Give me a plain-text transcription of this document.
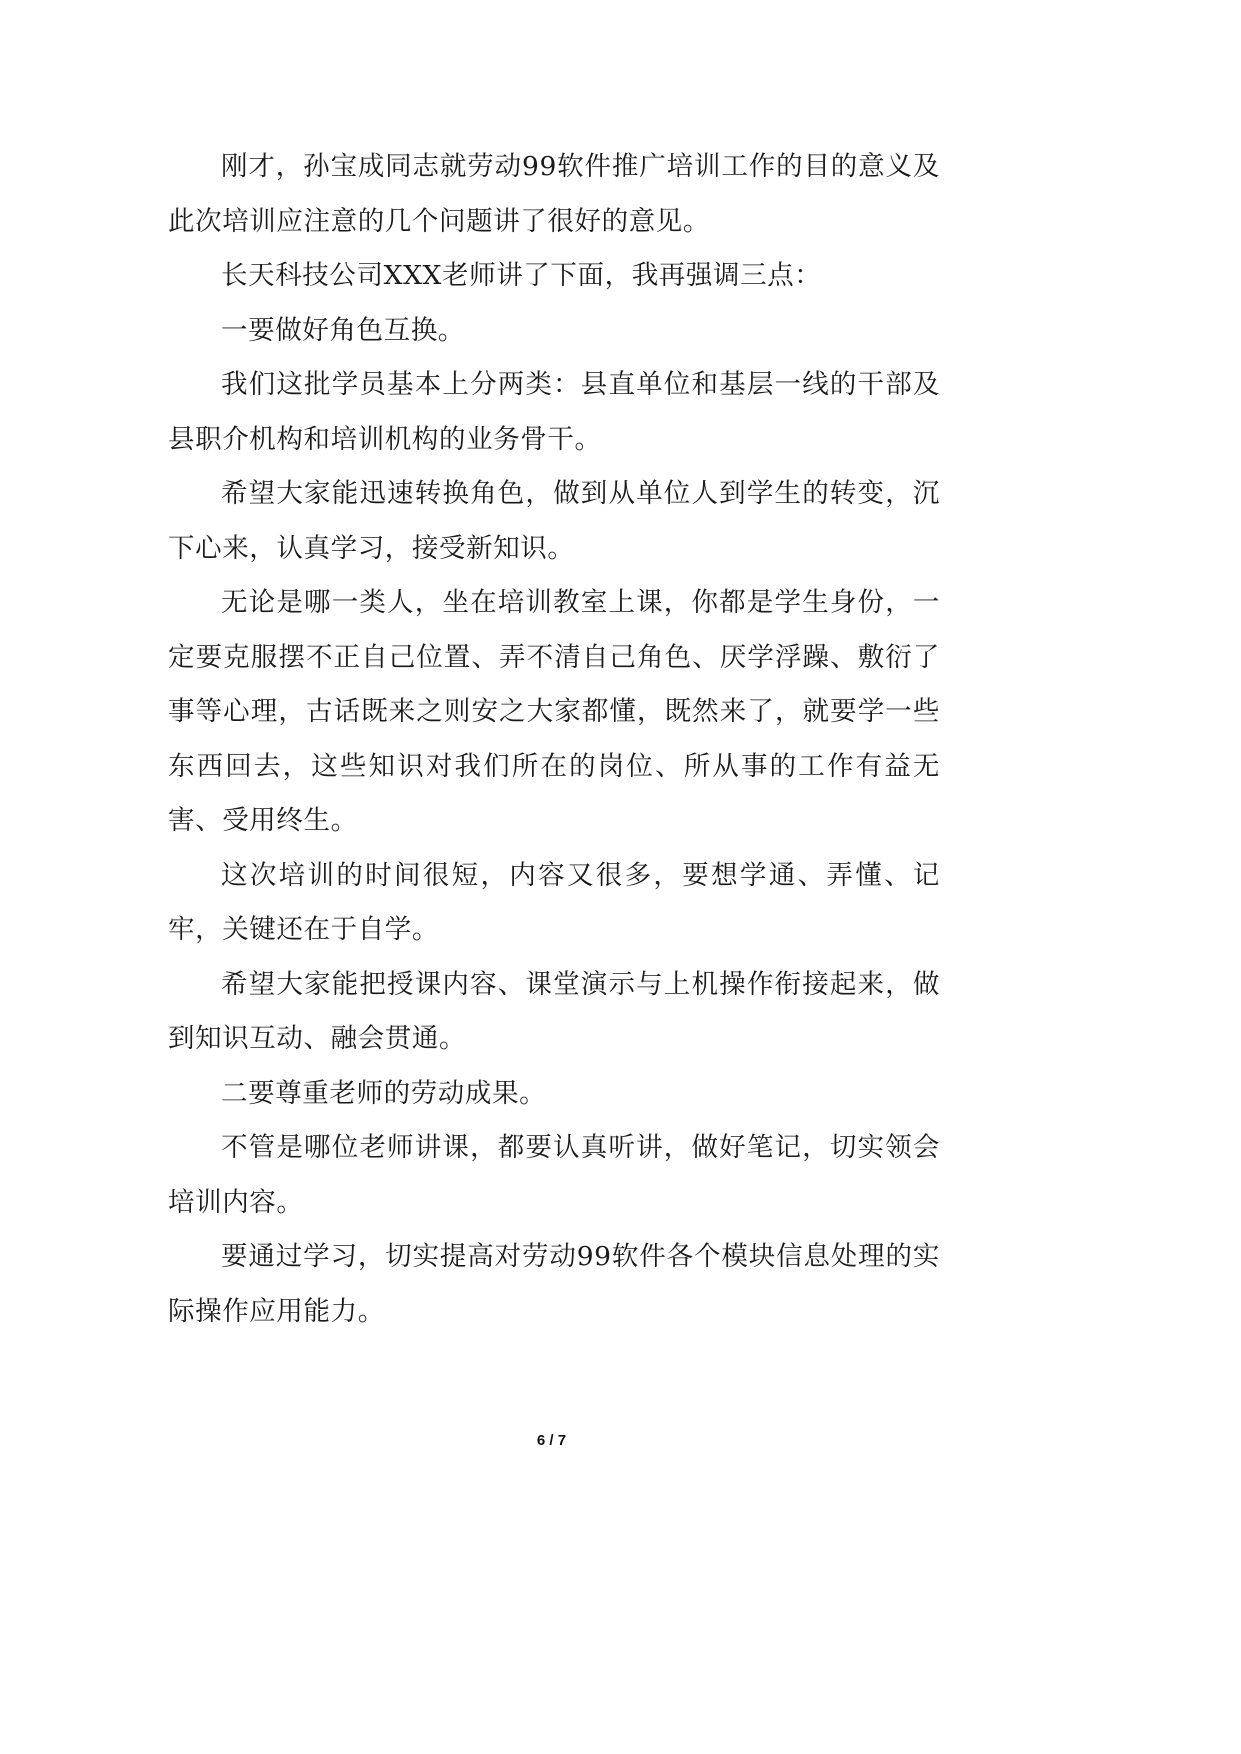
刚才，孙宝成同志就劳动99软件推广培训工作的目的意义及此次培训应注意的几个问题讲了很好的意见。

长天科技公司XXX老师讲了下面，我再强调三点：

一要做好角色互换。

我们这批学员基本上分两类：县直单位和基层一线的干部及县职介机构和培训机构的业务骨干。

希望大家能迅速转换角色，做到从单位人到学生的转变，沉下心来，认真学习，接受新知识。

无论是哪一类人，坐在培训教室上课，你都是学生身份，一定要克服摆不正自己位置、弄不清自己角色、厌学浮躁、敷衍了事等心理，古话既来之则安之大家都懂，既然来了，就要学一些东西回去，这些知识对我们所在的岗位、所从事的工作有益无害、受用终生。

这次培训的时间很短，内容又很多，要想学通、弄懂、记牢，关键还在于自学。

希望大家能把授课内容、课堂演示与上机操作衔接起来，做到知识互动、融会贯通。

二要尊重老师的劳动成果。

不管是哪位老师讲课，都要认真听讲，做好笔记，切实领会培训内容。

要通过学习，切实提高对劳动99软件各个模块信息处理的实际操作应用能力。

6 / 7
